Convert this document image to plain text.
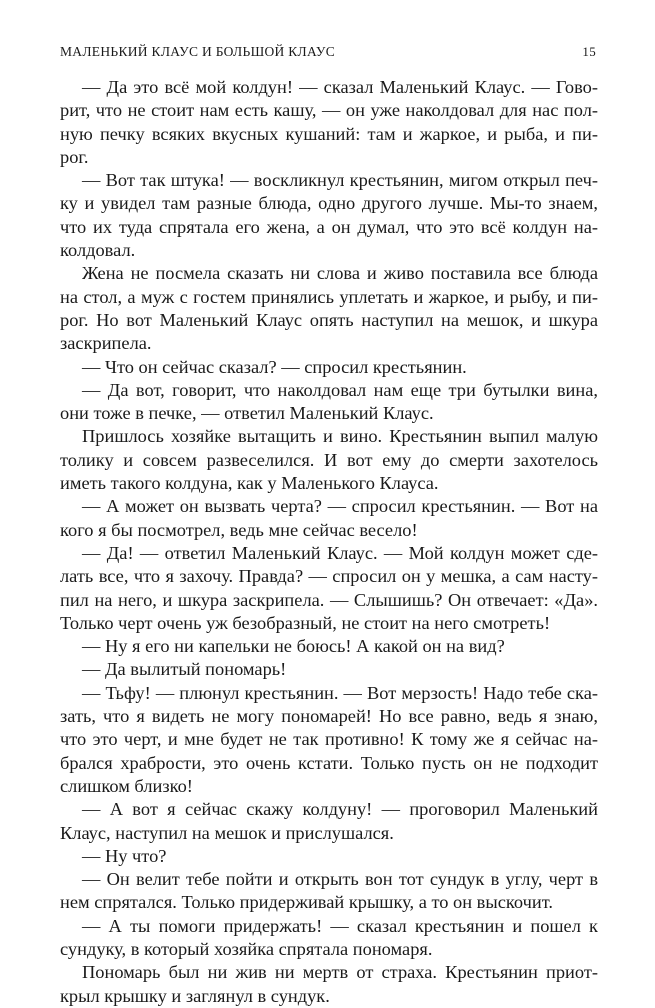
МАЛЕНЬКИЙ КЛАУС И БОЛЬШОЙ КЛАУС	15
— Да это всё мой колдун! — сказал Маленький Клаус. — Гово-
рит, что не стоит нам есть кашу, — он уже наколдовал для нас пол-
ную печку всяких вкусных кушаний: там и жаркое, и рыба, и пи-
рог.
— Вот так штука! — воскликнул крестьянин, мигом открыл печ-
ку и увидел там разные блюда, одно другого лучше. Мы-то знаем,
что их туда спрятала его жена, а он думал, что это всё колдун на-
колдовал.
Жена не посмела сказать ни слова и живо поставила все блюда
на стол, а муж с гостем принялись уплетать и жаркое, и рыбу, и пи-
рог. Но вот Маленький Клаус опять наступил на мешок, и шкура
заскрипела.
— Что он сейчас сказал? — спросил крестьянин.
— Да вот, говорит, что наколдовал нам еще три бутылки вина,
они тоже в печке, — ответил Маленький Клаус.
Пришлось хозяйке вытащить и вино. Крестьянин выпил малую
толику и совсем развеселился. И вот ему до смерти захотелось
иметь такого колдуна, как у Маленького Клауса.
— А может он вызвать черта? — спросил крестьянин. — Вот на
кого я бы посмотрел, ведь мне сейчас весело!
— Да! — ответил Маленький Клаус. — Мой колдун может сде-
лать все, что я захочу. Правда? — спросил он у мешка, а сам насту-
пил на него, и шкура заскрипела. — Слышишь? Он отвечает: «Да».
Только черт очень уж безобразный, не стоит на него смотреть!
— Ну я его ни капельки не боюсь! А какой он на вид?
— Да вылитый пономарь!
— Тьфу! — плюнул крестьянин. — Вот мерзость! Надо тебе ска-
зать, что я видеть не могу пономарей! Но все равно, ведь я знаю,
что это черт, и мне будет не так противно! К тому же я сейчас на-
брался храбрости, это очень кстати. Только пусть он не подходит
слишком близко!
— А вот я сейчас скажу колдуну! — проговорил Маленький
Клаус, наступил на мешок и прислушался.
— Ну что?
— Он велит тебе пойти и открыть вон тот сундук в углу, черт в
нем спрятался. Только придерживай крышку, а то он выскочит.
— А ты помоги придержать! — сказал крестьянин и пошел к
сундуку, в который хозяйка спрятала пономаря.
Пономарь был ни жив ни мертв от страха. Крестьянин приот-
крыл крышку и заглянул в сундук.
